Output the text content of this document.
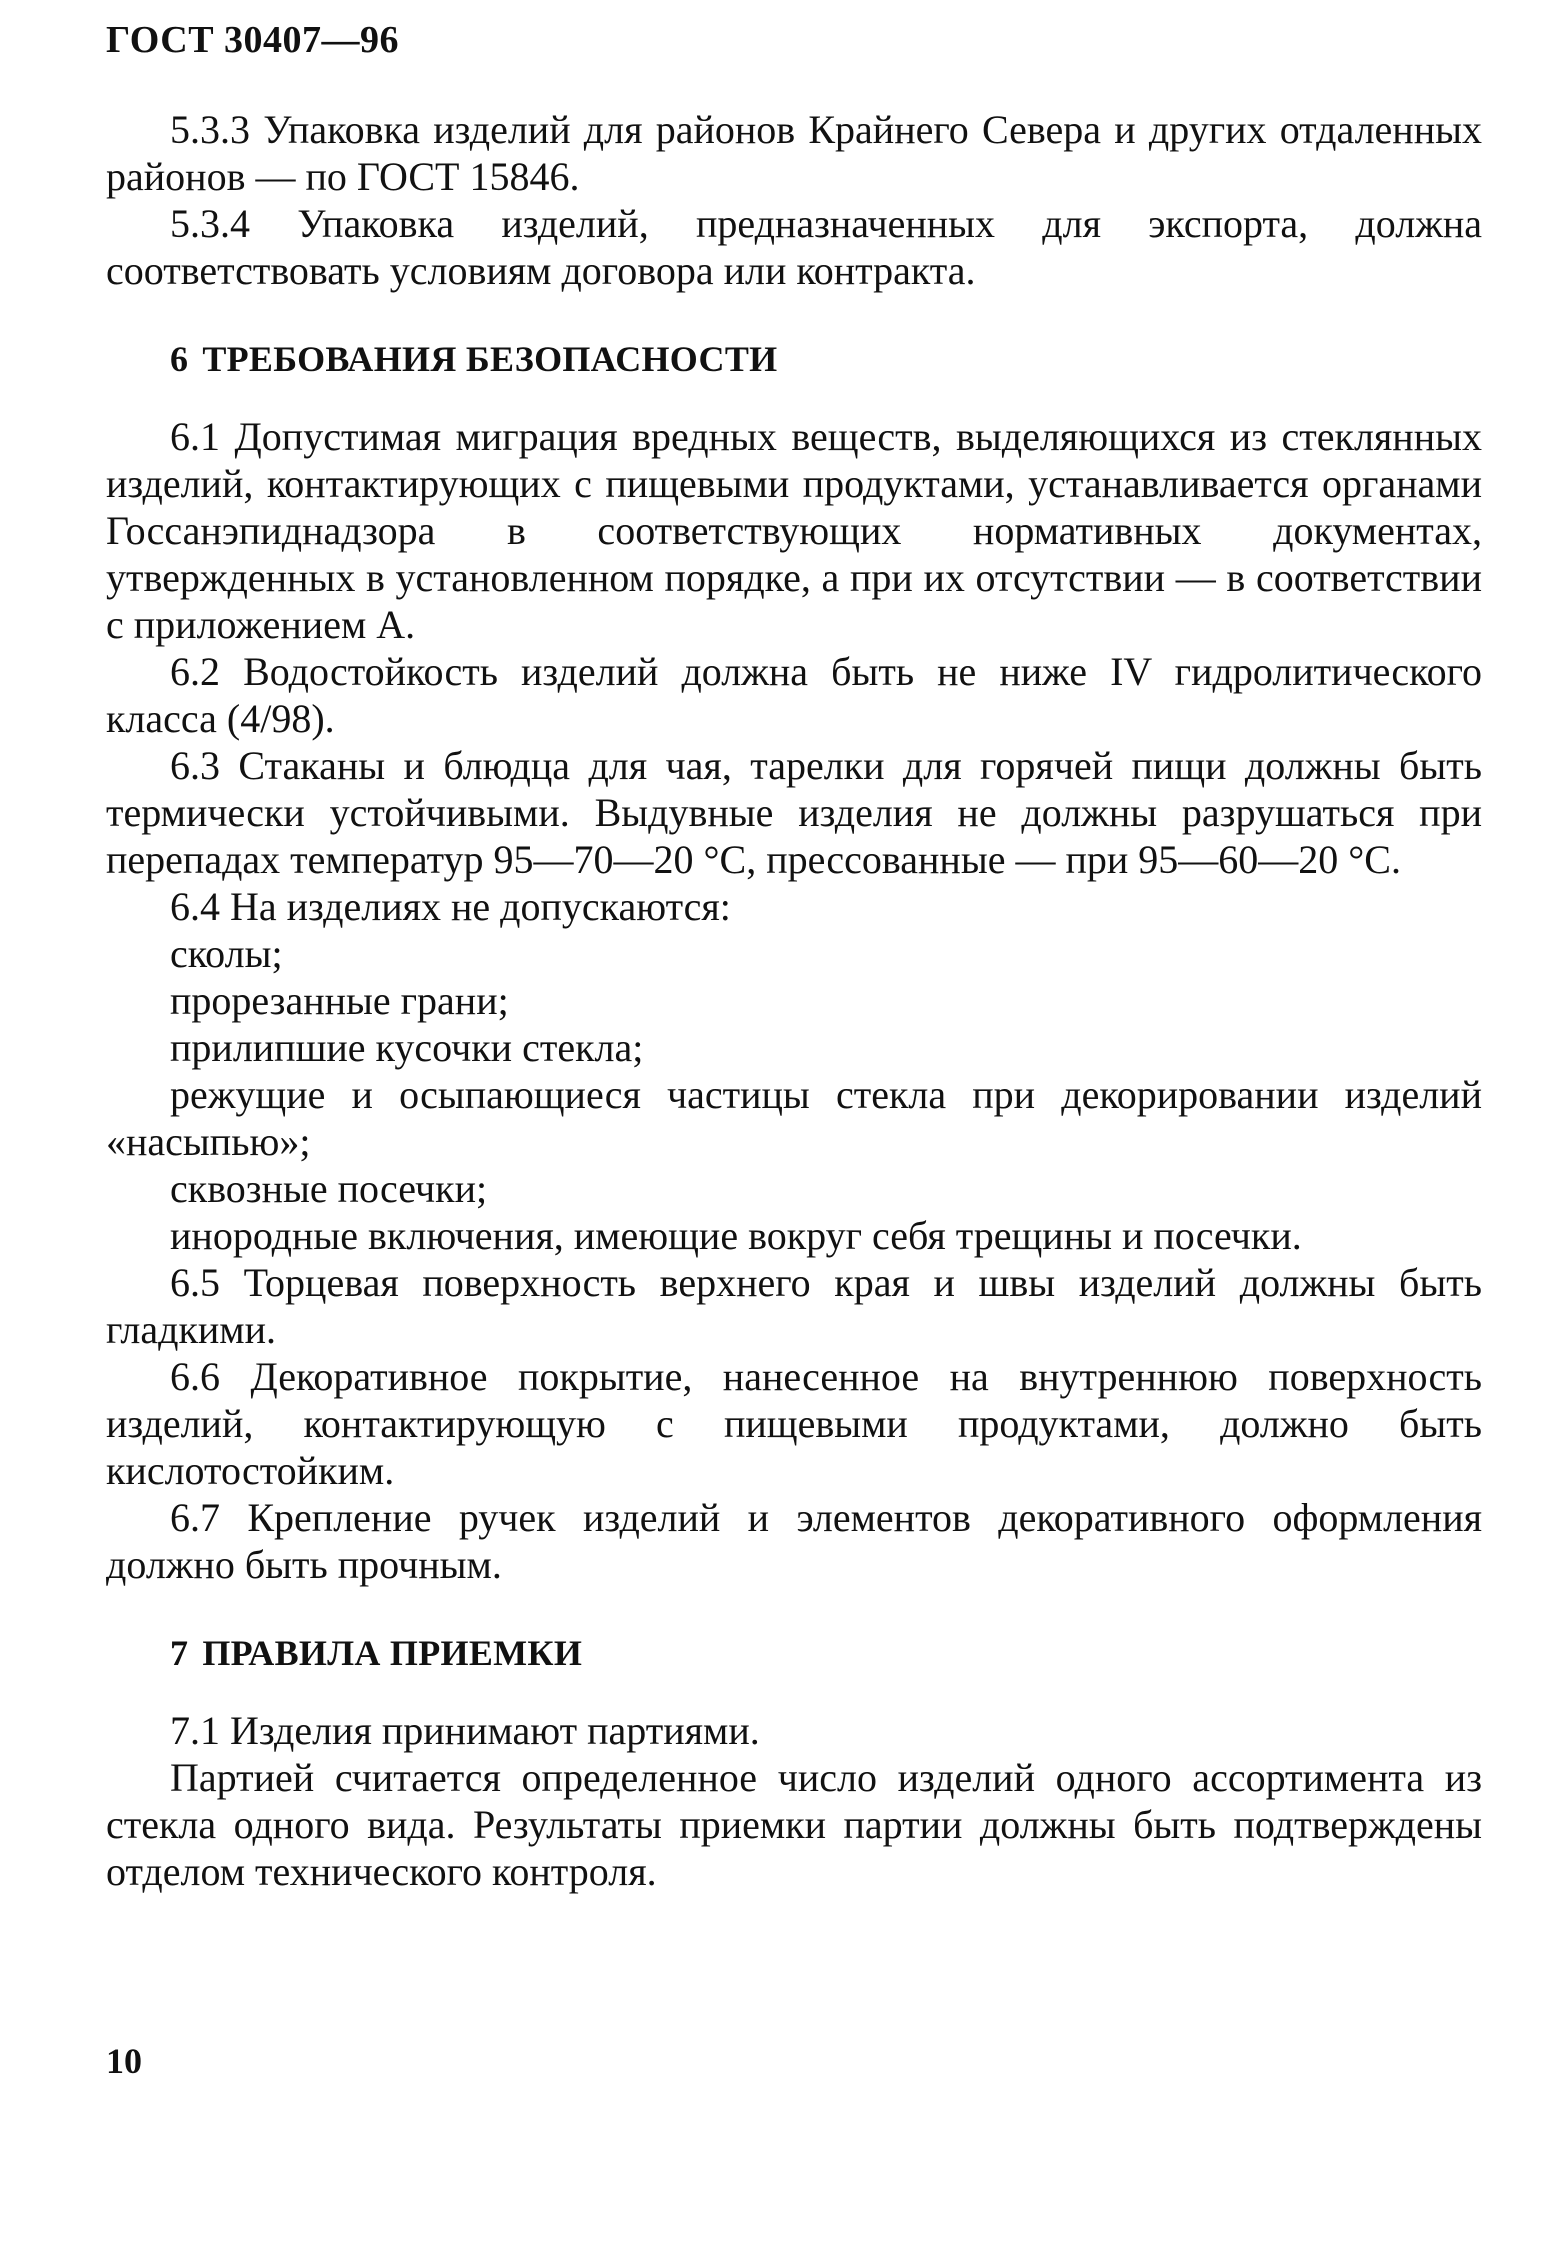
ГОСТ 30407—96

5.3.3 Упаковка изделий для районов Крайнего Севера и других отдаленных районов — по ГОСТ 15846.

5.3.4 Упаковка изделий, предназначенных для экспорта, должна соответствовать условиям договора или контракта.

6 ТРЕБОВАНИЯ БЕЗОПАСНОСТИ

6.1 Допустимая миграция вредных веществ, выделяющихся из стеклянных изделий, контактирующих с пищевыми продуктами, устанавливается органами Госсанэпиднадзора в соответствующих нормативных документах, утвержденных в установленном порядке, а при их отсутствии — в соответствии с приложением А.

6.2 Водостойкость изделий должна быть не ниже IV гидролитического класса (4/98).

6.3 Стаканы и блюдца для чая, тарелки для горячей пищи должны быть термически устойчивыми. Выдувные изделия не должны разрушаться при перепадах температур 95—70—20 °С, прессованные — при 95—60—20 °С.

6.4 На изделиях не допускаются:

сколы;

прорезанные грани;

прилипшие кусочки стекла;

режущие и осыпающиеся частицы стекла при декорировании изделий «насыпью»;

сквозные посечки;

инородные включения, имеющие вокруг себя трещины и посечки.

6.5 Торцевая поверхность верхнего края и швы изделий должны быть гладкими.

6.6 Декоративное покрытие, нанесенное на внутреннюю поверхность изделий, контактирующую с пищевыми продуктами, должно быть кислотостойким.

6.7 Крепление ручек изделий и элементов декоративного оформления должно быть прочным.

7 ПРАВИЛА ПРИЕМКИ

7.1 Изделия принимают партиями.

Партией считается определенное число изделий одного ассортимента из стекла одного вида. Результаты приемки партии должны быть подтверждены отделом технического контроля.

10
